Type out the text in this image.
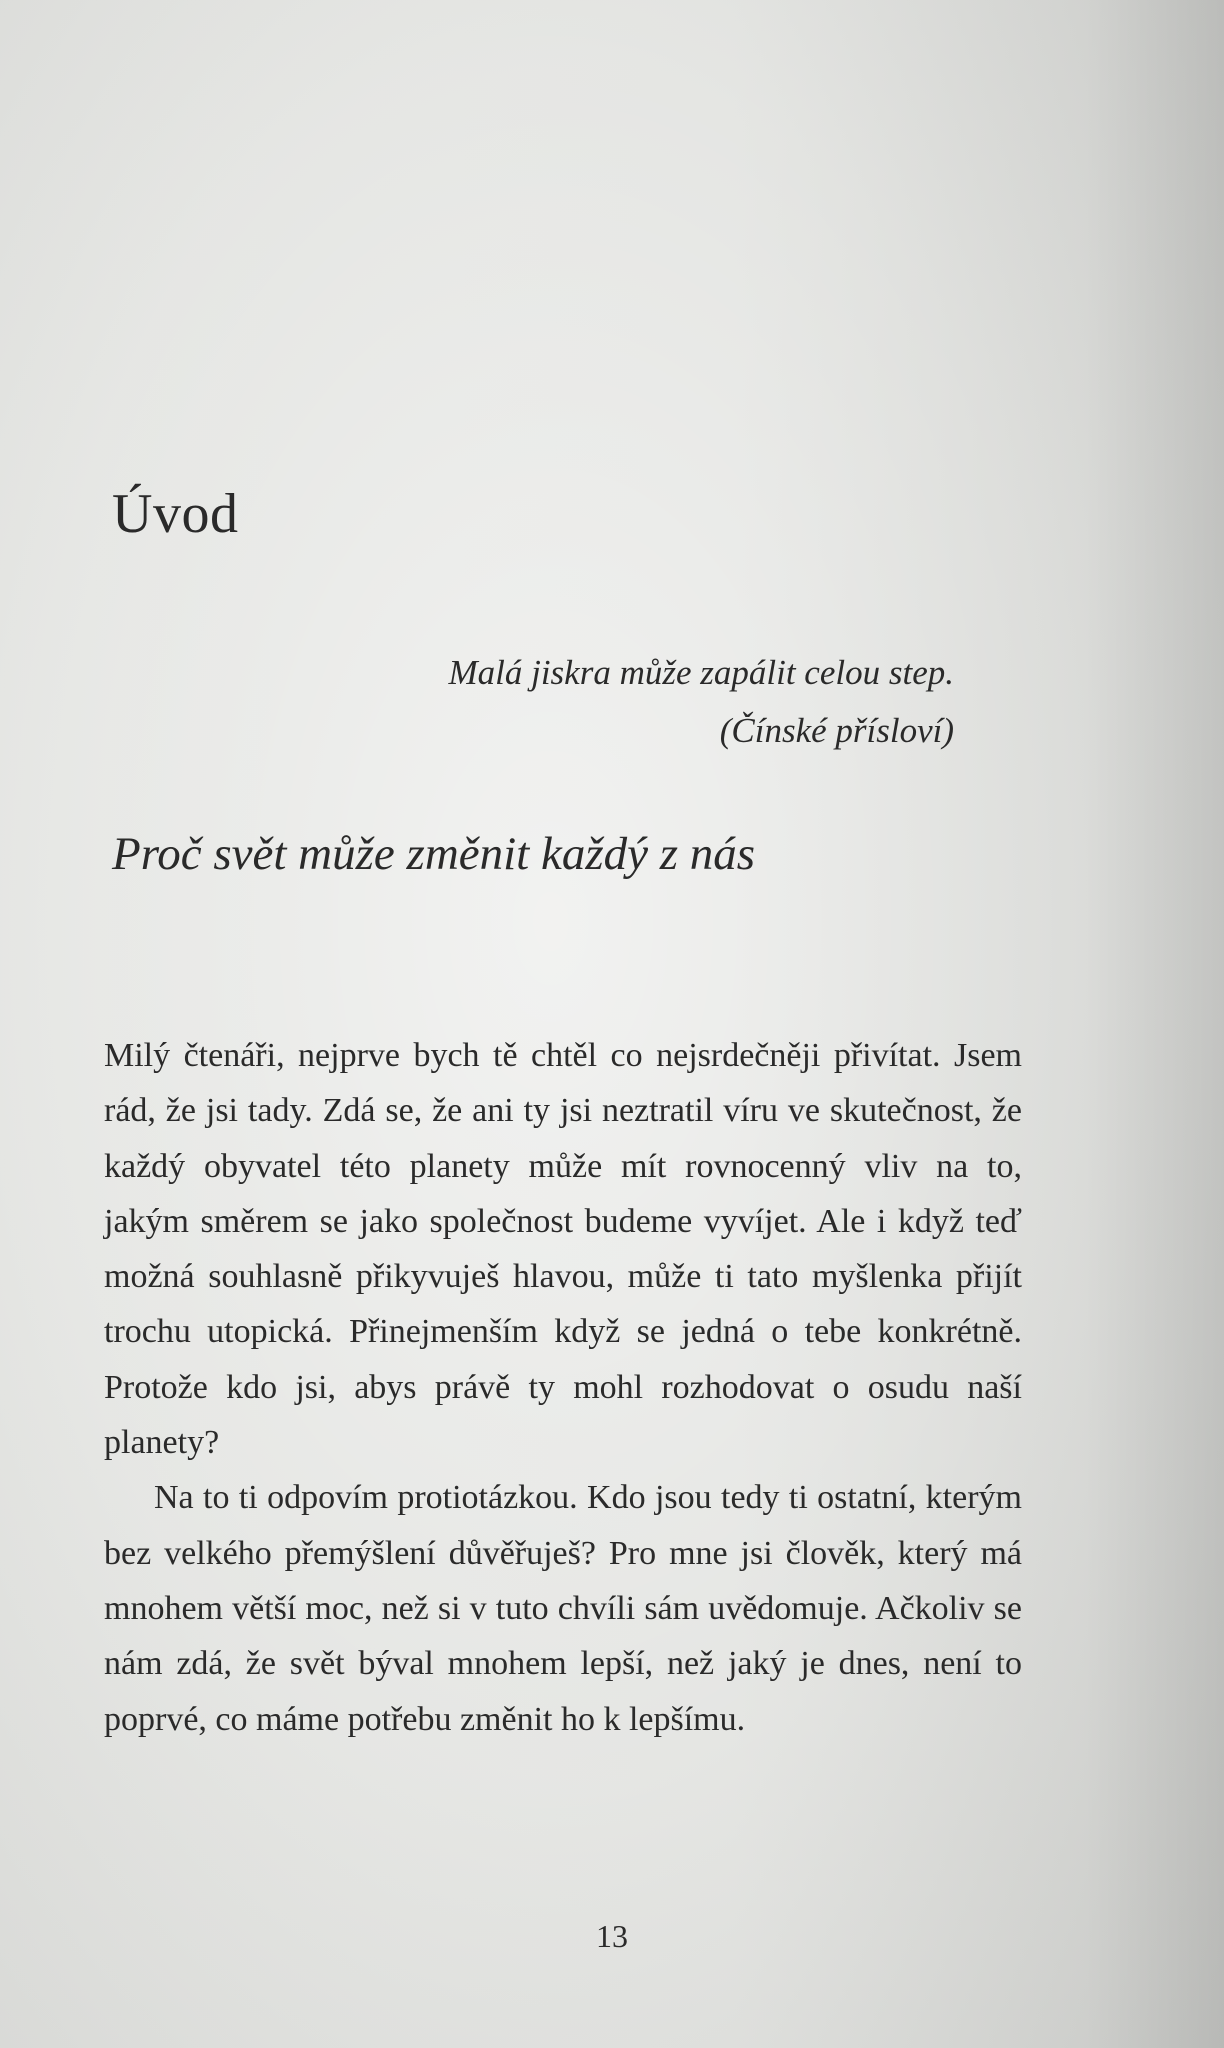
Úvod
Malá jiskra může zapálit celou step.
(Čínské přísloví)
Proč svět může změnit každý z nás

Milý čtenáři, nejprve bych tě chtěl co nejsrdečněji přivítat. Jsem rád, že jsi tady. Zdá se, že ani ty jsi neztratil víru ve skutečnost, že každý obyvatel této planety může mít rovnocenný vliv na to, jakým směrem se jako společnost budeme vyvíjet. Ale i když teď možná souhlasně přikyvuješ hlavou, může ti tato myšlenka přijít trochu utopická. Přinejmenším když se jedná o tebe konkrétně. Protože kdo jsi, abys právě ty mohl rozhodovat o osudu naší planety?

Na to ti odpovím protiotázkou. Kdo jsou tedy ti ostatní, kterým bez velkého přemýšlení důvěřuješ? Pro mne jsi člověk, který má mnohem větší moc, než si v tuto chvíli sám uvědomuje. Ačkoliv se nám zdá, že svět býval mnohem lepší, než jaký je dnes, není to poprvé, co máme potřebu změnit ho k lepšímu.

13
